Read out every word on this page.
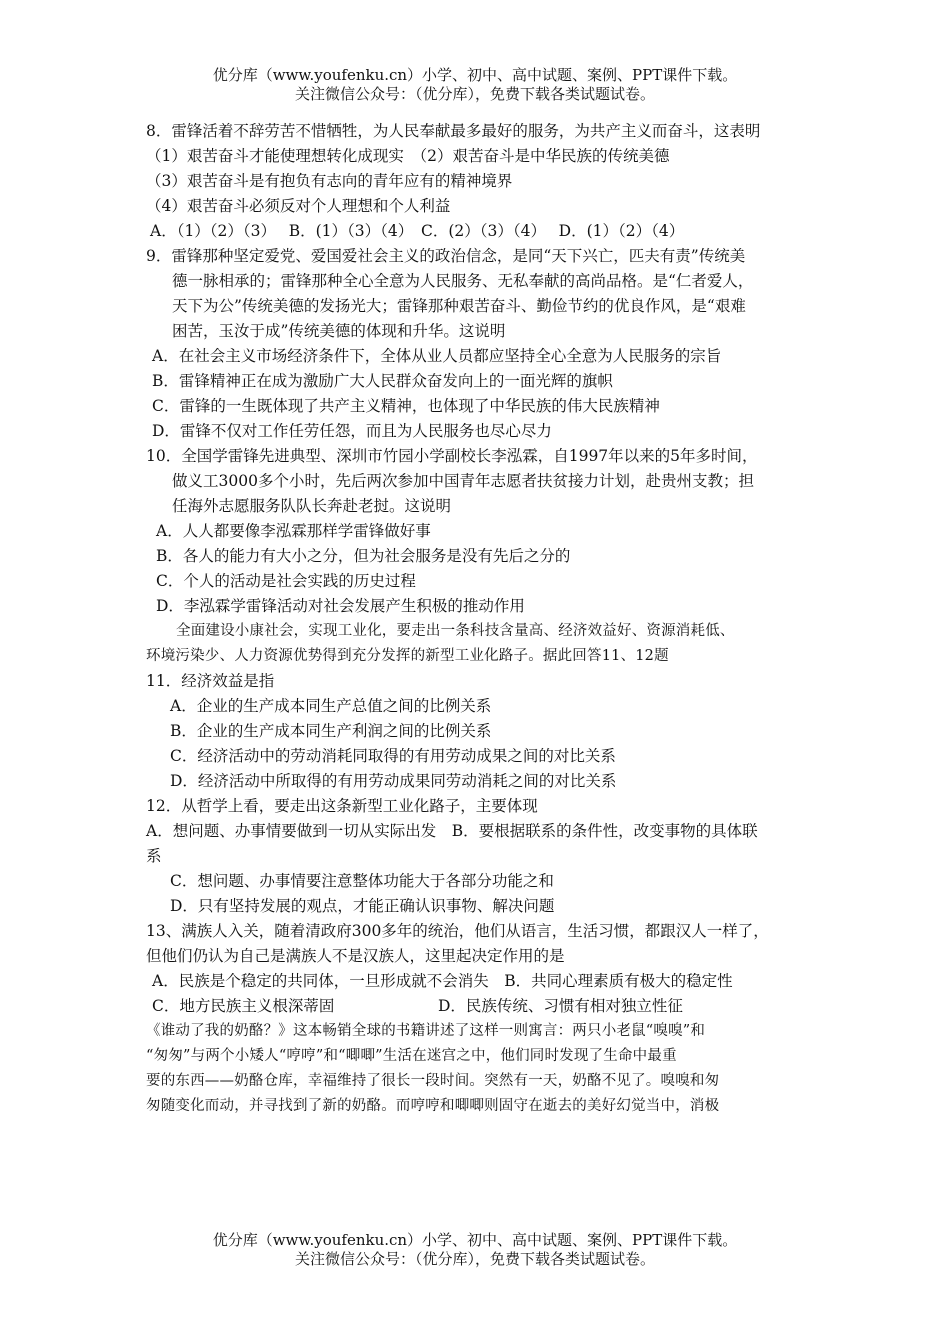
优分库（www.youfenku.cn）小学、初中、高中试题、案例、PPT课件下载。
关注微信公众号：（优分库），免费下载各类试题试卷。
8．雷锋活着不辞劳苦不惜牺牲，为人民奉献最多最好的服务，为共产主义而奋斗，这表明
（1）艰苦奋斗才能使理想转化成现实　（2）艰苦奋斗是中华民族的传统美德
（3）艰苦奋斗是有抱负有志向的青年应有的精神境界
（4）艰苦奋斗必须反对个人理想和个人利益
A．（1）（2）（3）　 B．(1）（3）（4）　C．(2）（3）（4）　 D．(1）（2）（4）
9．雷锋那种坚定爱党、爱国爱社会主义的政治信念，是同“天下兴亡，匹夫有责”传统美
德一脉相承的；雷锋那种全心全意为人民服务、无私奉献的高尚品格。是“仁者爱人，
天下为公”传统美德的发扬光大；雷锋那种艰苦奋斗、勤俭节约的优良作风，是“艰难
困苦，玉汝于成”传统美德的体现和升华。这说明
A．在社会主义市场经济条件下，全体从业人员都应坚持全心全意为人民服务的宗旨
B．雷锋精神正在成为激励广大人民群众奋发向上的一面光辉的旗帜
C．雷锋的一生既体现了共产主义精神，也体现了中华民族的伟大民族精神
D．雷锋不仅对工作任劳任怨，而且为人民服务也尽心尽力
10．全国学雷锋先进典型、深圳市竹园小学副校长李泓霖，自1997年以来的5年多时间，
做义工3000多个小时，先后两次参加中国青年志愿者扶贫接力计划，赴贵州支教；担
任海外志愿服务队队长奔赴老挝。这说明
A．人人都要像李泓霖那样学雷锋做好事
B．各人的能力有大小之分，但为社会服务是没有先后之分的
C．个人的活动是社会实践的历史过程
D．李泓霖学雷锋活动对社会发展产生积极的推动作用
全面建设小康社会，实现工业化，要走出一条科技含量高、经济效益好、资源消耗低、
环境污染少、人力资源优势得到充分发挥的新型工业化路子。据此回答11、12题
11．经济效益是指
A．企业的生产成本同生产总值之间的比例关系
B．企业的生产成本同生产利润之间的比例关系
C．经济活动中的劳动消耗同取得的有用劳动成果之间的对比关系
D．经济活动中所取得的有用劳动成果同劳动消耗之间的对比关系
12．从哲学上看，要走出这条新型工业化路子，主要体现
A．想问题、办事情要做到一切从实际出发　B．要根据联系的条件性，改变事物的具体联
系
C．想问题、办事情要注意整体功能大于各部分功能之和
D．只有坚持发展的观点，才能正确认识事物、解决问题
13、满族人入关，随着清政府300多年的统治，他们从语言，生活习惯，都跟汉人一样了，
但他们仍认为自己是满族人不是汉族人，这里起决定作用的是
A．民族是个稳定的共同体，一旦形成就不会消失　B．共同心理素质有极大的稳定性
C．地方民族主义根深蒂固	D．民族传统、习惯有相对独立性征
《谁动了我的奶酪？》这本畅销全球的书籍讲述了这样一则寓言：两只小老鼠“嗅嗅”和
“匆匆”与两个小矮人“哼哼”和“唧唧”生活在迷宫之中，他们同时发现了生命中最重
要的东西——奶酪仓库，幸福维持了很长一段时间。突然有一天，奶酪不见了。嗅嗅和匆
匆随变化而动，并寻找到了新的奶酪。而哼哼和唧唧则固守在逝去的美好幻觉当中，消极
优分库（www.youfenku.cn）小学、初中、高中试题、案例、PPT课件下载。
关注微信公众号：（优分库），免费下载各类试题试卷。
